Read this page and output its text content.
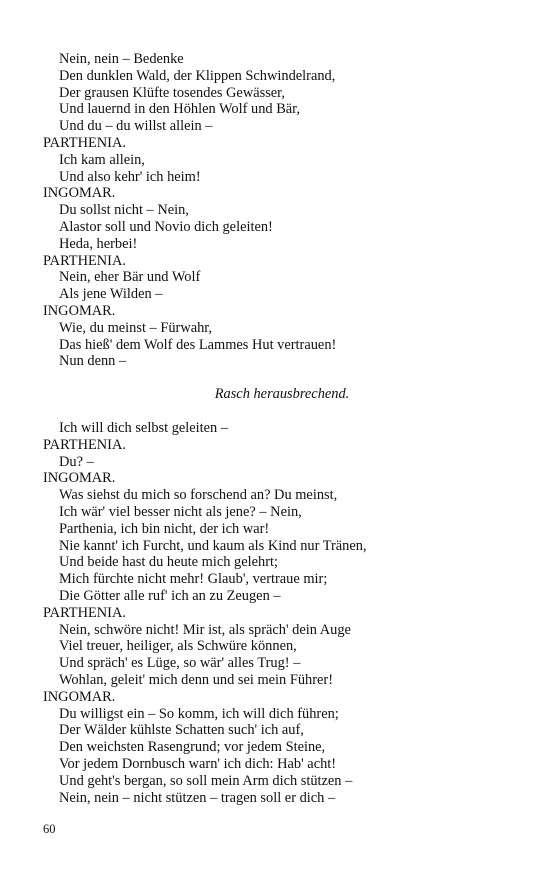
Nein, nein – Bedenke
Den dunklen Wald, der Klippen Schwindelrand,
Der grausen Klüfte tosendes Gewässer,
Und lauernd in den Höhlen Wolf und Bär,
Und du – du willst allein –
PARTHENIA.
Ich kam allein,
Und also kehr' ich heim!
INGOMAR.
Du sollst nicht – Nein,
Alastor soll und Novio dich geleiten!
Heda, herbei!
PARTHENIA.
Nein, eher Bär und Wolf
Als jene Wilden –
INGOMAR.
Wie, du meinst – Fürwahr,
Das hieß' dem Wolf des Lammes Hut vertrauen!
Nun denn –
Rasch herausbrechend.
Ich will dich selbst geleiten –
PARTHENIA.
Du? –
INGOMAR.
Was siehst du mich so forschend an? Du meinst,
Ich wär' viel besser nicht als jene? – Nein,
Parthenia, ich bin nicht, der ich war!
Nie kannt' ich Furcht, und kaum als Kind nur Tränen,
Und beide hast du heute mich gelehrt;
Mich fürchte nicht mehr! Glaub', vertraue mir;
Die Götter alle ruf' ich an zu Zeugen –
PARTHENIA.
Nein, schwöre nicht! Mir ist, als spräch' dein Auge
Viel treuer, heiliger, als Schwüre können,
Und spräch' es Lüge, so wär' alles Trug! –
Wohlan, geleit' mich denn und sei mein Führer!
INGOMAR.
Du willigst ein – So komm, ich will dich führen;
Der Wälder kühlste Schatten such' ich auf,
Den weichsten Rasengrund; vor jedem Steine,
Vor jedem Dornbusch warn' ich dich: Hab' acht!
Und geht's bergan, so soll mein Arm dich stützen –
Nein, nein – nicht stützen – tragen soll er dich –
60
